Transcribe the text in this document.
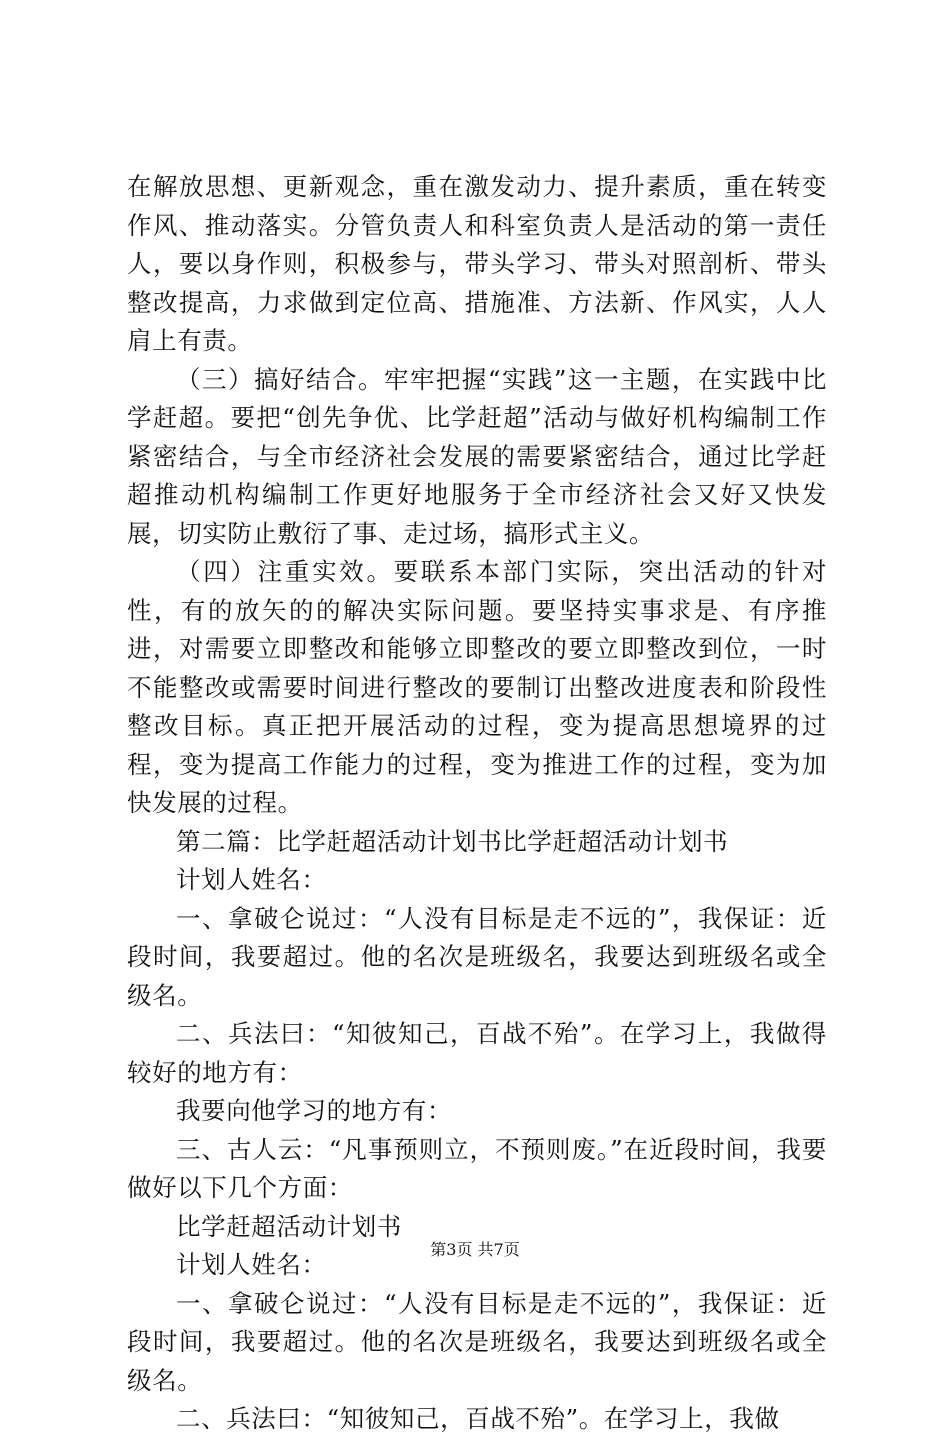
在解放思想、更新观念，重在激发动力、提升素质，重在转变作风、推动落实。分管负责人和科室负责人是活动的第一责任人，要以身作则，积极参与，带头学习、带头对照剖析、带头整改提高，力求做到定位高、措施准、方法新、作风实，人人肩上有责。

（三）搞好结合。牢牢把握“实践”这一主题，在实践中比学赶超。要把“创先争优、比学赶超”活动与做好机构编制工作紧密结合，与全市经济社会发展的需要紧密结合，通过比学赶超推动机构编制工作更好地服务于全市经济社会又好又快发展，切实防止敷衍了事、走过场，搞形式主义。

（四）注重实效。要联系本部门实际，突出活动的针对性，有的放矢的的解决实际问题。要坚持实事求是、有序推进，对需要立即整改和能够立即整改的要立即整改到位，一时不能整改或需要时间进行整改的要制订出整改进度表和阶段性整改目标。真正把开展活动的过程，变为提高思想境界的过程，变为提高工作能力的过程，变为推进工作的过程，变为加快发展的过程。

第二篇：比学赶超活动计划书比学赶超活动计划书

计划人姓名：

一、拿破仑说过：“人没有目标是走不远的”，我保证：近段时间，我要超过。他的名次是班级名，我要达到班级名或全级名。

二、兵法曰：“知彼知己，百战不殆”。在学习上，我做得较好的地方有：

我要向他学习的地方有：

三、古人云：“凡事预则立，不预则废。”在近段时间，我要做好以下几个方面：

比学赶超活动计划书

计划人姓名：

一、拿破仑说过：“人没有目标是走不远的”，我保证：近段时间，我要超过。他的名次是班级名，我要达到班级名或全级名。

二、兵法曰：“知彼知己，百战不殆”。在学习上，我做

第3页 共7页
